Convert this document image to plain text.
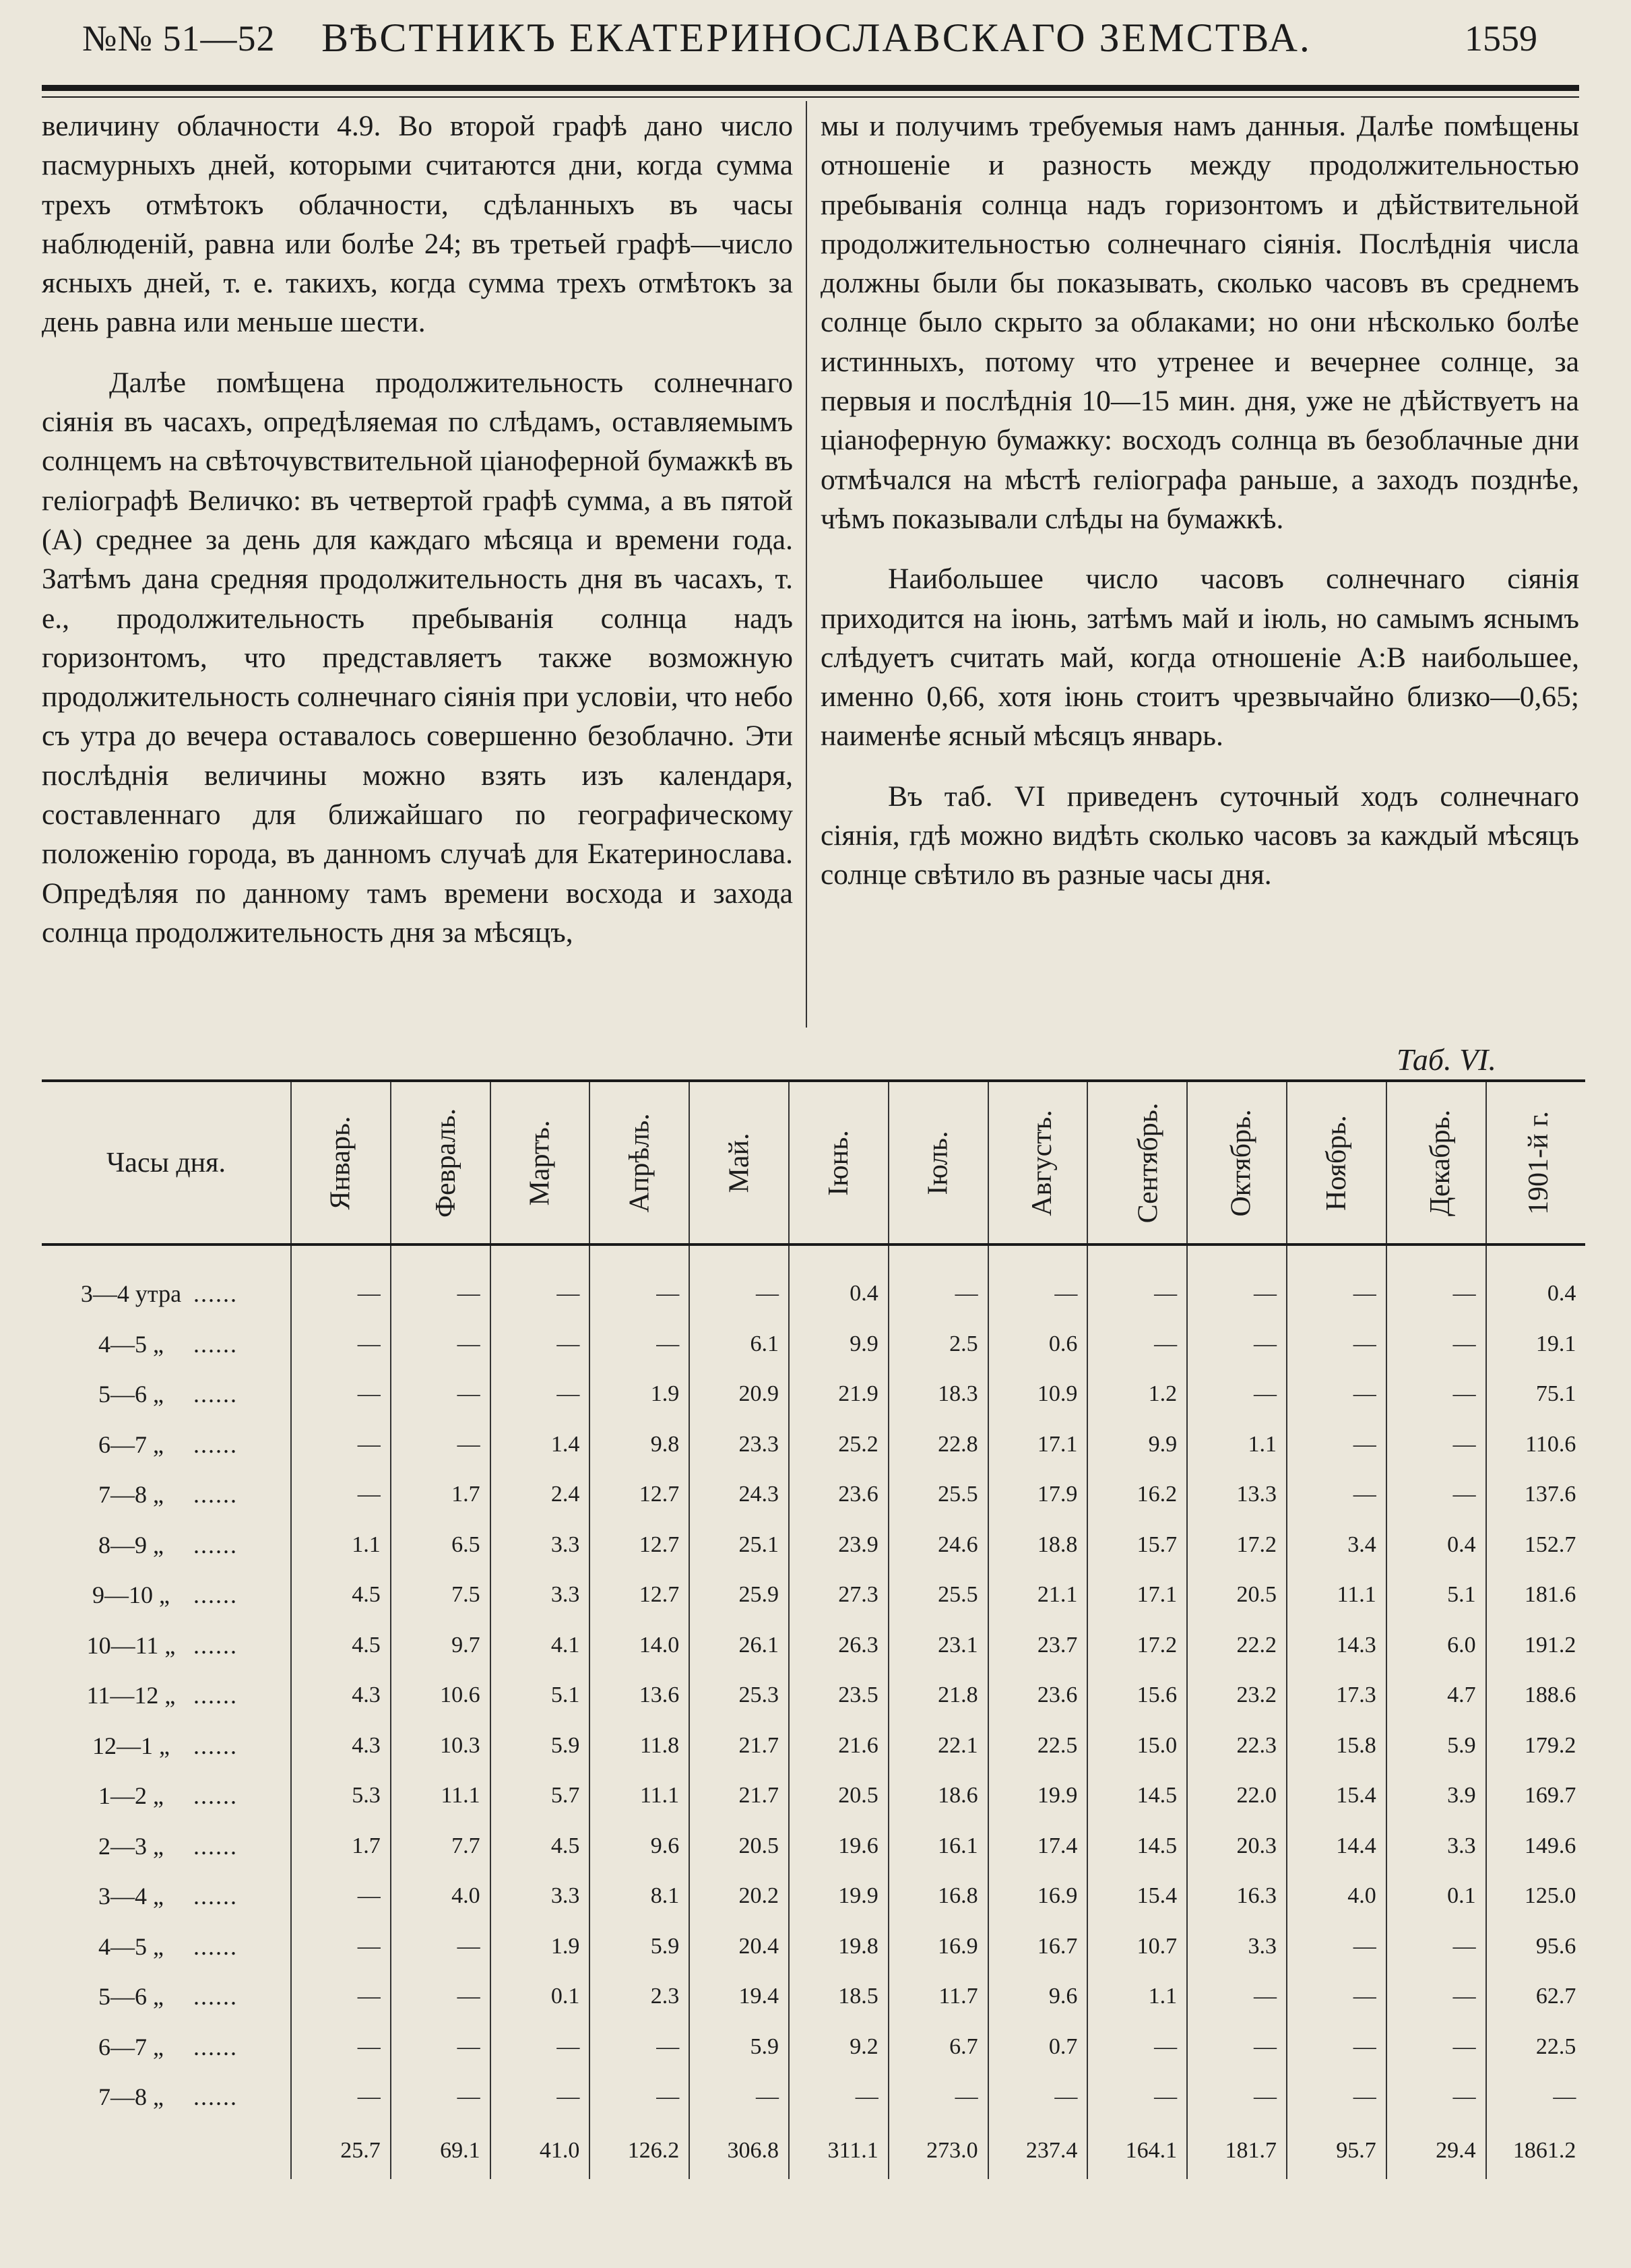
№№ 51—52	ВѢСТНИКЪ ЕКАТЕРИНОСЛАВСКАГО ЗЕМСТВА.	1559

величину облачности 4.9. Во второй графѣ дано число пасмурныхъ дней, которыми считаются дни, когда сумма трехъ отмѣтокъ облачности, сдѣланныхъ въ часы наблюденій, равна или болѣе 24; въ третьей графѣ—число ясныхъ дней, т. е. такихъ, когда сумма трехъ отмѣтокъ за день равна или меньше шести.

Далѣе помѣщена продолжительность солнечнаго сіянія въ часахъ, опредѣляемая по слѣдамъ, оставляемымъ солнцемъ на свѣточувствительной ціаноферной бумажкѣ въ геліографѣ Величко: въ четвертой графѣ сумма, а въ пятой (А) среднее за день для каждаго мѣсяца и времени года. Затѣмъ дана средняя продолжительность дня въ часахъ, т. е., продолжительность пребыванія солнца надъ горизонтомъ, что представляетъ также возможную продолжительность солнечнаго сіянія при условіи, что небо съ утра до вечера оставалось совершенно безоблачно. Эти послѣднія величины можно взять изъ календаря, составленнаго для ближайшаго по географическому положенію города, въ данномъ случаѣ для Екатеринослава. Опредѣляя по данному тамъ времени восхода и захода солнца продолжительность дня за мѣсяцъ,

мы и получимъ требуемыя намъ данныя. Далѣе помѣщены отношеніе и разность между продолжительностью пребыванія солнца надъ горизонтомъ и дѣйствительной продолжительностью солнечнаго сіянія. Послѣднія числа должны были бы показывать, сколько часовъ въ среднемъ солнце было скрыто за облаками; но они нѣсколько болѣе истинныхъ, потому что утренее и вечернее солнце, за первыя и послѣднія 10—15 мин. дня, уже не дѣйствуетъ на ціаноферную бумажку: восходъ солнца въ безоблачные дни отмѣчался на мѣстѣ геліографа раньше, а заходъ позднѣе, чѣмъ показывали слѣды на бумажкѣ.

Наибольшее число часовъ солнечнаго сіянія приходится на іюнь, затѣмъ май и іюль, но самымъ яснымъ слѣдуетъ считать май, когда отношеніе А:В наибольшее, именно 0,66, хотя іюнь стоитъ чрезвычайно близко—0,65; наименѣе ясный мѣсяцъ январь.

Въ таб. VI приведенъ суточный ходъ солнечнаго сіянія, гдѣ можно видѣть сколько часовъ за каждый мѣсяцъ солнце свѣтило въ разные часы дня.

Таб. VI.
Часы дня.	Январь.	Февраль.	Мартъ.	Апрѣль.	Май.	Іюнь.	Іюль.	Августъ.	Сентябрь.	Октябрь.	Ноябрь.	Декабрь.	1901-й г.
3—4 утра ......	—	—	—	—	—	0.4	—	—	—	—	—	—	0.4
4—5 „ ......	—	—	—	—	6.1	9.9	2.5	0.6	—	—	—	—	19.1
5—6 „ ......	—	—	—	1.9	20.9	21.9	18.3	10.9	1.2	—	—	—	75.1
6—7 „ ......	—	—	1.4	9.8	23.3	25.2	22.8	17.1	9.9	1.1	—	—	110.6
7—8 „ ......	—	1.7	2.4	12.7	24.3	23.6	25.5	17.9	16.2	13.3	—	—	137.6
8—9 „ ......	1.1	6.5	3.3	12.7	25.1	23.9	24.6	18.8	15.7	17.2	3.4	0.4	152.7
9—10 „ ......	4.5	7.5	3.3	12.7	25.9	27.3	25.5	21.1	17.1	20.5	11.1	5.1	181.6
10—11 „ ......	4.5	9.7	4.1	14.0	26.1	26.3	23.1	23.7	17.2	22.2	14.3	6.0	191.2
11—12 „ ......	4.3	10.6	5.1	13.6	25.3	23.5	21.8	23.6	15.6	23.2	17.3	4.7	188.6
12—1 „ ......	4.3	10.3	5.9	11.8	21.7	21.6	22.1	22.5	15.0	22.3	15.8	5.9	179.2
1—2 „ ......	5.3	11.1	5.7	11.1	21.7	20.5	18.6	19.9	14.5	22.0	15.4	3.9	169.7
2—3 „ ......	1.7	7.7	4.5	9.6	20.5	19.6	16.1	17.4	14.5	20.3	14.4	3.3	149.6
3—4 „ ......	—	4.0	3.3	8.1	20.2	19.9	16.8	16.9	15.4	16.3	4.0	0.1	125.0
4—5 „ ......	—	—	1.9	5.9	20.4	19.8	16.9	16.7	10.7	3.3	—	—	95.6
5—6 „ ......	—	—	0.1	2.3	19.4	18.5	11.7	9.6	1.1	—	—	—	62.7
6—7 „ ......	—	—	—	—	5.9	9.2	6.7	0.7	—	—	—	—	22.5
7—8 „ ......	—	—	—	—	—	—	—	—	—	—	—	—	—
	25.7	69.1	41.0	126.2	306.8	311.1	273.0	237.4	164.1	181.7	95.7	29.4	1861.2
